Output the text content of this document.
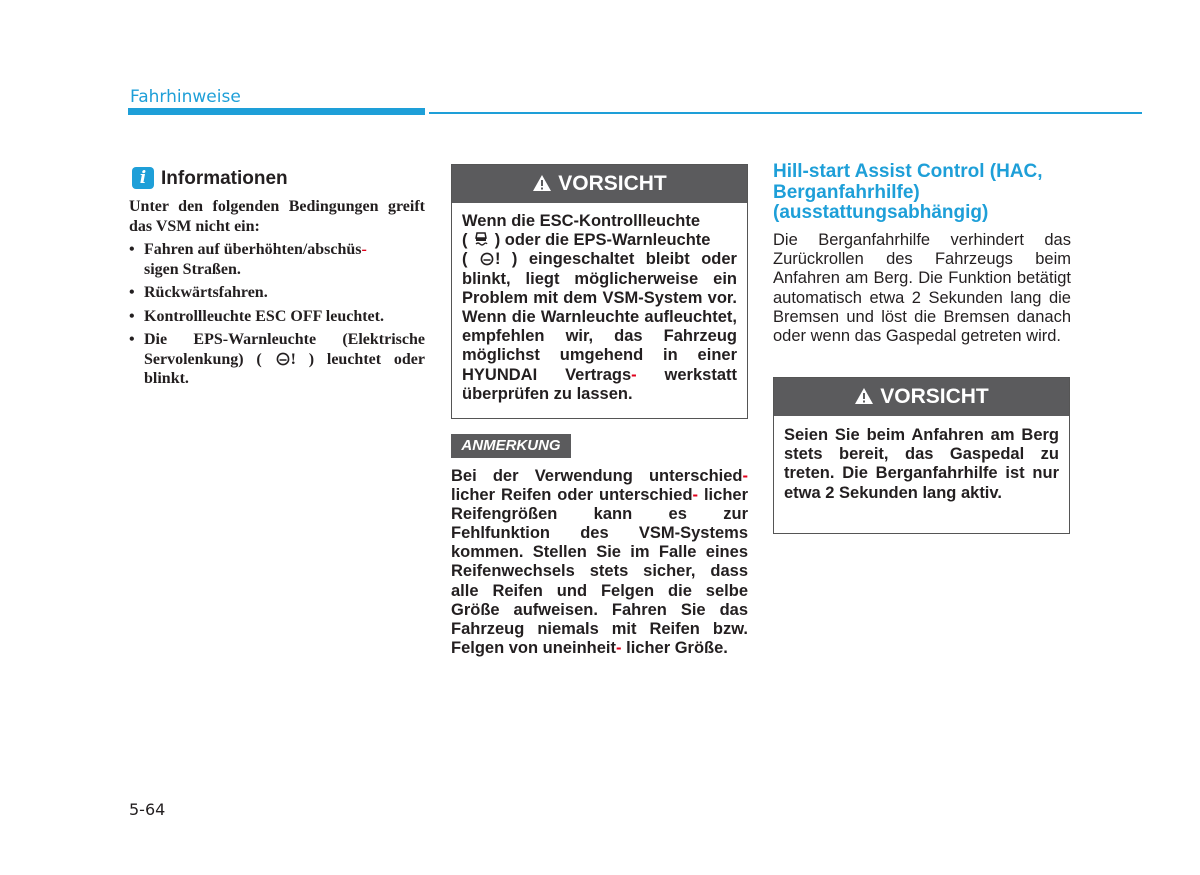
Fahrhinweise
i Informationen
Unter den folgenden Bedingungen greift das VSM nicht ein:
• Fahren auf überhöhten/abschüs-
sigen Straßen.
• Rückwärtsfahren.
• Kontrollleuchte ESC OFF leuchtet.
• Die EPS-Warnleuchte (Elektrische Servolenkung) ( ! ) leuchtet oder blinkt.
VORSICHT
Wenn die ESC-Kontrollleuchte
( ) oder die EPS-Warnleuchte
( ! ) eingeschaltet bleibt oder blinkt, liegt möglicherweise ein Problem mit dem VSM-System vor. Wenn die Warnleuchte aufleuchtet, empfehlen wir, das Fahrzeug möglichst umgehend in einer HYUNDAI Vertrags- werkstatt überprüfen zu lassen.
ANMERKUNG
Bei der Verwendung unterschied- licher Reifen oder unterschied- licher Reifengrößen kann es zur Fehlfunktion des VSM-Systems kommen. Stellen Sie im Falle eines Reifenwechsels stets sicher, dass alle Reifen und Felgen die selbe Größe aufweisen. Fahren Sie das Fahrzeug niemals mit Reifen bzw. Felgen von uneinheit- licher Größe.
Hill-start Assist Control (HAC, Berganfahrhilfe) (ausstattungsabhängig)
Die Berganfahrhilfe verhindert das Zurückrollen des Fahrzeugs beim Anfahren am Berg. Die Funktion betätigt automatisch etwa 2 Sekunden lang die Bremsen und löst die Bremsen danach oder wenn das Gaspedal getreten wird.
VORSICHT
Seien Sie beim Anfahren am Berg stets bereit, das Gaspedal zu treten. Die Berganfahrhilfe ist nur etwa 2 Sekunden lang aktiv.
5-64
